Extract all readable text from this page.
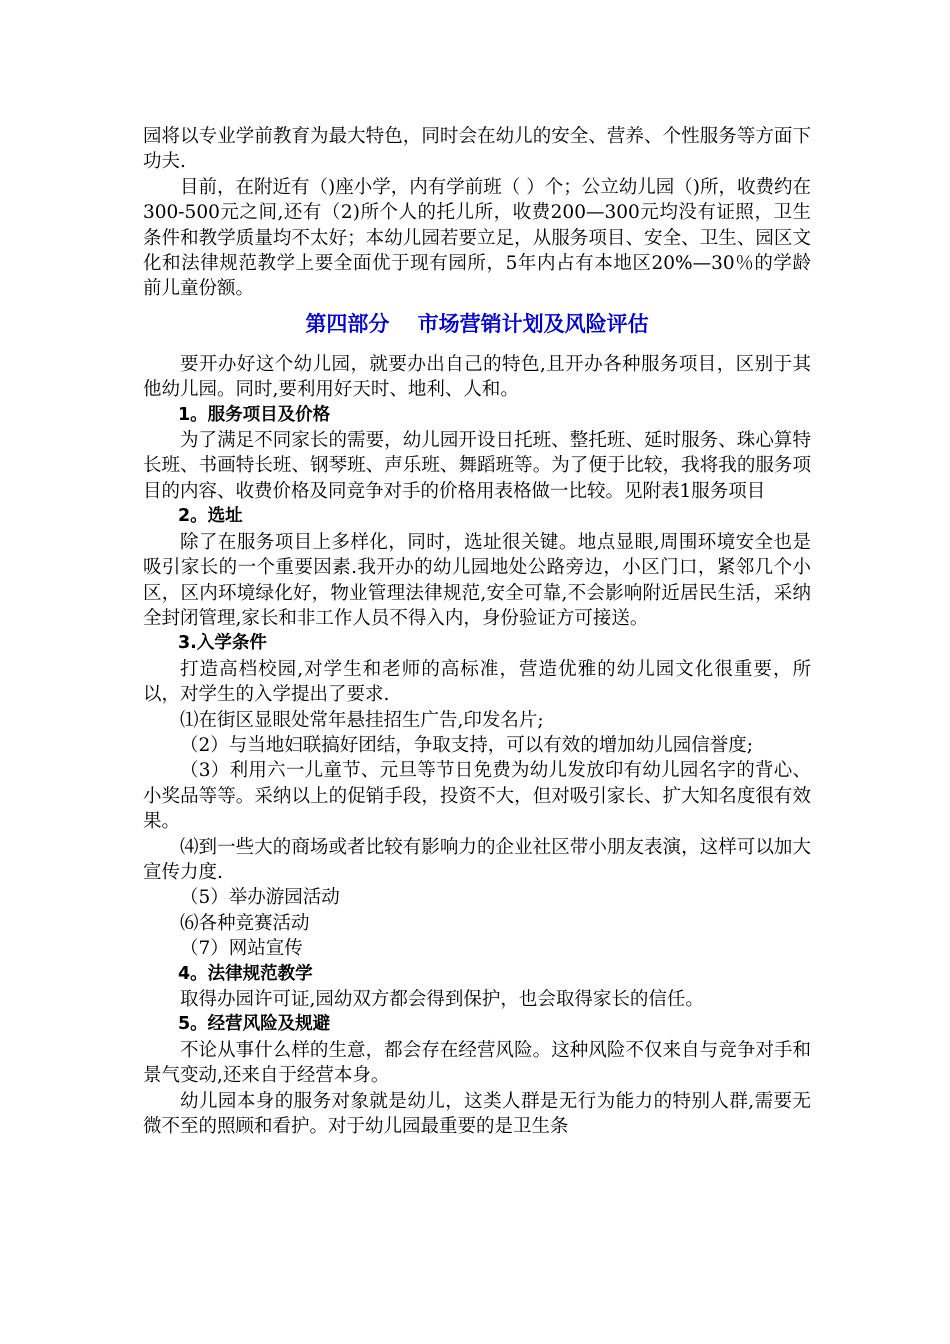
园将以专业学前教育为最大特色，同时会在幼儿的安全、营养、个性服务等方面下功夫.

目前，在附近有（)座小学，内有学前班（ ）个；公立幼儿园（)所，收费约在300-500元之间,还有（2)所个人的托儿所，收费200—300元均没有证照，卫生条件和教学质量均不太好；本幼儿园若要立足，从服务项目、安全、卫生、园区文化和法律规范教学上要全面优于现有园所，5年内占有本地区20%—30％的学龄前儿童份额。

第四部分　 市场营销计划及风险评估

要开办好这个幼儿园，就要办出自己的特色,且开办各种服务项目，区别于其他幼儿园。同时,要利用好天时、地利、人和。

1。服务项目及价格

为了满足不同家长的需要，幼儿园开设日托班、整托班、延时服务、珠心算特长班、书画特长班、钢琴班、声乐班、舞蹈班等。为了便于比较，我将我的服务项目的内容、收费价格及同竞争对手的价格用表格做一比较。见附表1服务项目

2。选址

除了在服务项目上多样化，同时，选址很关键。地点显眼,周围环境安全也是吸引家长的一个重要因素.我开办的幼儿园地处公路旁边，小区门口，紧邻几个小区，区内环境绿化好，物业管理法律规范,安全可靠,不会影响附近居民生活，采纳全封闭管理,家长和非工作人员不得入内，身份验证方可接送。

3.入学条件

打造高档校园,对学生和老师的高标准，营造优雅的幼儿园文化很重要，所以，对学生的入学提出了要求.

⑴在街区显眼处常年悬挂招生广告,印发名片;

（2）与当地妇联搞好团结，争取支持，可以有效的增加幼儿园信誉度;

（3）利用六一儿童节、元旦等节日免费为幼儿发放印有幼儿园名字的背心、小奖品等等。采纳以上的促销手段，投资不大，但对吸引家长、扩大知名度很有效果。

⑷到一些大的商场或者比较有影响力的企业社区带小朋友表演，这样可以加大宣传力度.

（5）举办游园活动

⑹各种竞赛活动

（7）网站宣传

4。法律规范教学

取得办园许可证,园幼双方都会得到保护，也会取得家长的信任。

5。经营风险及规避

不论从事什么样的生意，都会存在经营风险。这种风险不仅来自与竞争对手和景气变动,还来自于经营本身。

幼儿园本身的服务对象就是幼儿，这类人群是无行为能力的特别人群,需要无微不至的照顾和看护。对于幼儿园最重要的是卫生条
